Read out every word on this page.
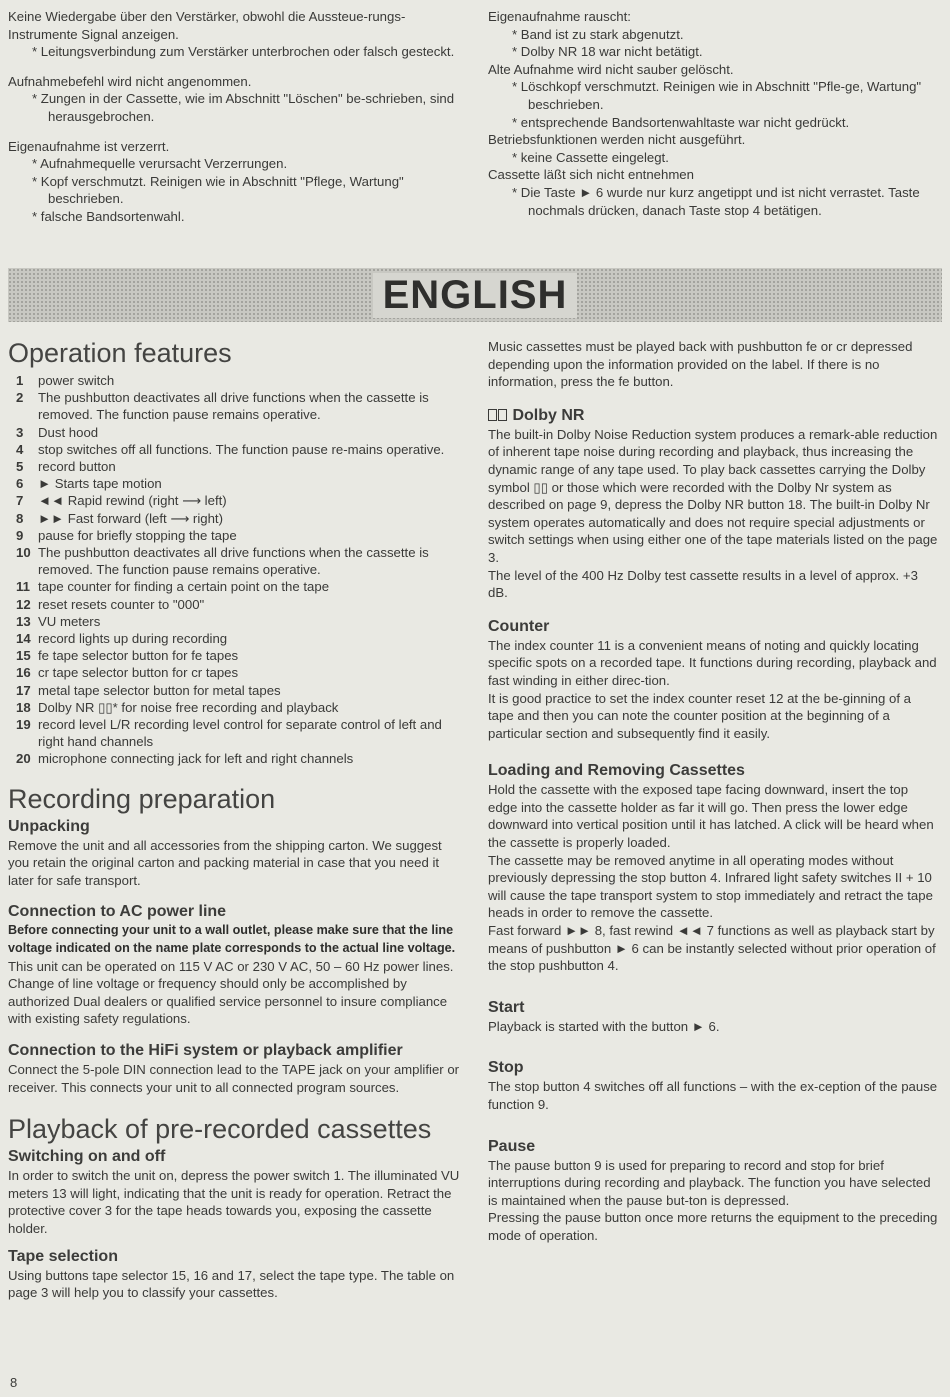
Keine Wiedergabe über den Verstärker, obwohl die Aussteue-rungs-Instrumente Signal anzeigen.
* Leitungsverbindung zum Verstärker unterbrochen oder falsch gesteckt.
Aufnahmebefehl wird nicht angenommen.
* Zungen in der Cassette, wie im Abschnitt "Löschen" be-schrieben, sind herausgebrochen.
Eigenaufnahme ist verzerrt.
* Aufnahmequelle verursacht Verzerrungen.
* Kopf verschmutzt. Reinigen wie in Abschnitt "Pflege, Wartung" beschrieben.
* falsche Bandsortenwahl.
Eigenaufnahme rauscht:
* Band ist zu stark abgenutzt.
* Dolby NR 18 war nicht betätigt.
Alte Aufnahme wird nicht sauber gelöscht.
* Löschkopf verschmutzt. Reinigen wie in Abschnitt "Pfle-ge, Wartung" beschrieben.
* entsprechende Bandsortenwahltaste war nicht gedrückt.
Betriebsfunktionen werden nicht ausgeführt.
* keine Cassette eingelegt.
Cassette läßt sich nicht entnehmen
* Die Taste ► 6 wurde nur kurz angetippt und ist nicht verrastet. Taste nochmals drücken, danach Taste stop 4 betätigen.
ENGLISH
Operation features
1	power switch
2	The pushbutton deactivates all drive functions when the cassette is removed. The function pause remains operative.
3	Dust hood
4	stop switches off all functions. The function pause re-mains operative.
5	record button
6	► Starts tape motion
7	◄◄ Rapid rewind (right ⟶ left)
8	►► Fast forward (left ⟶ right)
9	pause for briefly stopping the tape
10 The pushbutton deactivates all drive functions when the cassette is removed. The function pause remains operative.
11 tape counter for finding a certain point on the tape
12 reset resets counter to "000"
13 VU meters
14 record lights up during recording
15 fe tape selector button for fe tapes
16 cr tape selector button for cr tapes
17 metal tape selector button for metal tapes
18 Dolby NR ▯▯* for noise free recording and playback
19 record level L/R recording level control for separate control of left and right hand channels
20 microphone connecting jack for left and right channels
Recording preparation
Unpacking

Remove the unit and all accessories from the shipping carton. We suggest you retain the original carton and packing material in case that you need it later for safe transport.

Connection to AC power line

Before connecting your unit to a wall outlet, please make sure that the line voltage indicated on the name plate corresponds to the actual line voltage.

This unit can be operated on 115 V AC or 230 V AC, 50 – 60 Hz power lines. Change of line voltage or frequency should only be accomplished by authorized Dual dealers or qualified service personnel to insure compliance with existing safety regulations.

Connection to the HiFi system or playback amplifier

Connect the 5-pole DIN connection lead to the TAPE jack on your amplifier or receiver. This connects your unit to all connected program sources.

Playback of pre-recorded cassettes
Switching on and off

In order to switch the unit on, depress the power switch 1. The illuminated VU meters 13 will light, indicating that the unit is ready for operation. Retract the protective cover 3 for the tape heads towards you, exposing the cassette holder.

Tape selection

Using buttons tape selector 15, 16 and 17, select the tape type. The table on page 3 will help you to classify your cassettes.

Music cassettes must be played back with pushbutton fe or cr depressed depending upon the information provided on the label. If there is no information, press the fe button.

Dolby NR

The built-in Dolby Noise Reduction system produces a remark-able reduction of inherent tape noise during recording and playback, thus increasing the dynamic range of any tape used. To play back cassettes carrying the Dolby symbol ▯▯ or those which were recorded with the Dolby Nr system as described on page 9, depress the Dolby NR button 18. The built-in Dolby Nr system operates automatically and does not require special adjustments or switch settings when using either one of the tape materials listed on the page 3.

The level of the 400 Hz Dolby test cassette results in a level of approx. +3 dB.

Counter

The index counter 11 is a convenient means of noting and quickly locating specific spots on a recorded tape. It functions during recording, playback and fast winding in either direc-tion.

It is good practice to set the index counter reset 12 at the be-ginning of a tape and then you can note the counter position at the beginning of a particular section and subsequently find it easily.

Loading and Removing Cassettes

Hold the cassette with the exposed tape facing downward, insert the top edge into the cassette holder as far it will go. Then press the lower edge downward into vertical position until it has latched. A click will be heard when the cassette is properly loaded.

The cassette may be removed anytime in all operating modes without previously depressing the stop button 4. Infrared light safety switches II + 10 will cause the tape transport system to stop immediately and retract the tape heads in order to remove the cassette.

Fast forward ►► 8, fast rewind ◄◄ 7 functions as well as playback start by means of pushbutton ► 6 can be instantly selected without prior operation of the stop pushbutton 4.

Start

Playback is started with the button ► 6.

Stop

The stop button 4 switches off all functions – with the ex-ception of the pause function 9.

Pause

The pause button 9 is used for preparing to record and stop for brief interruptions during recording and playback. The function you have selected is maintained when the pause but-ton is depressed.

Pressing the pause button once more returns the equipment to the preceding mode of operation.

8
